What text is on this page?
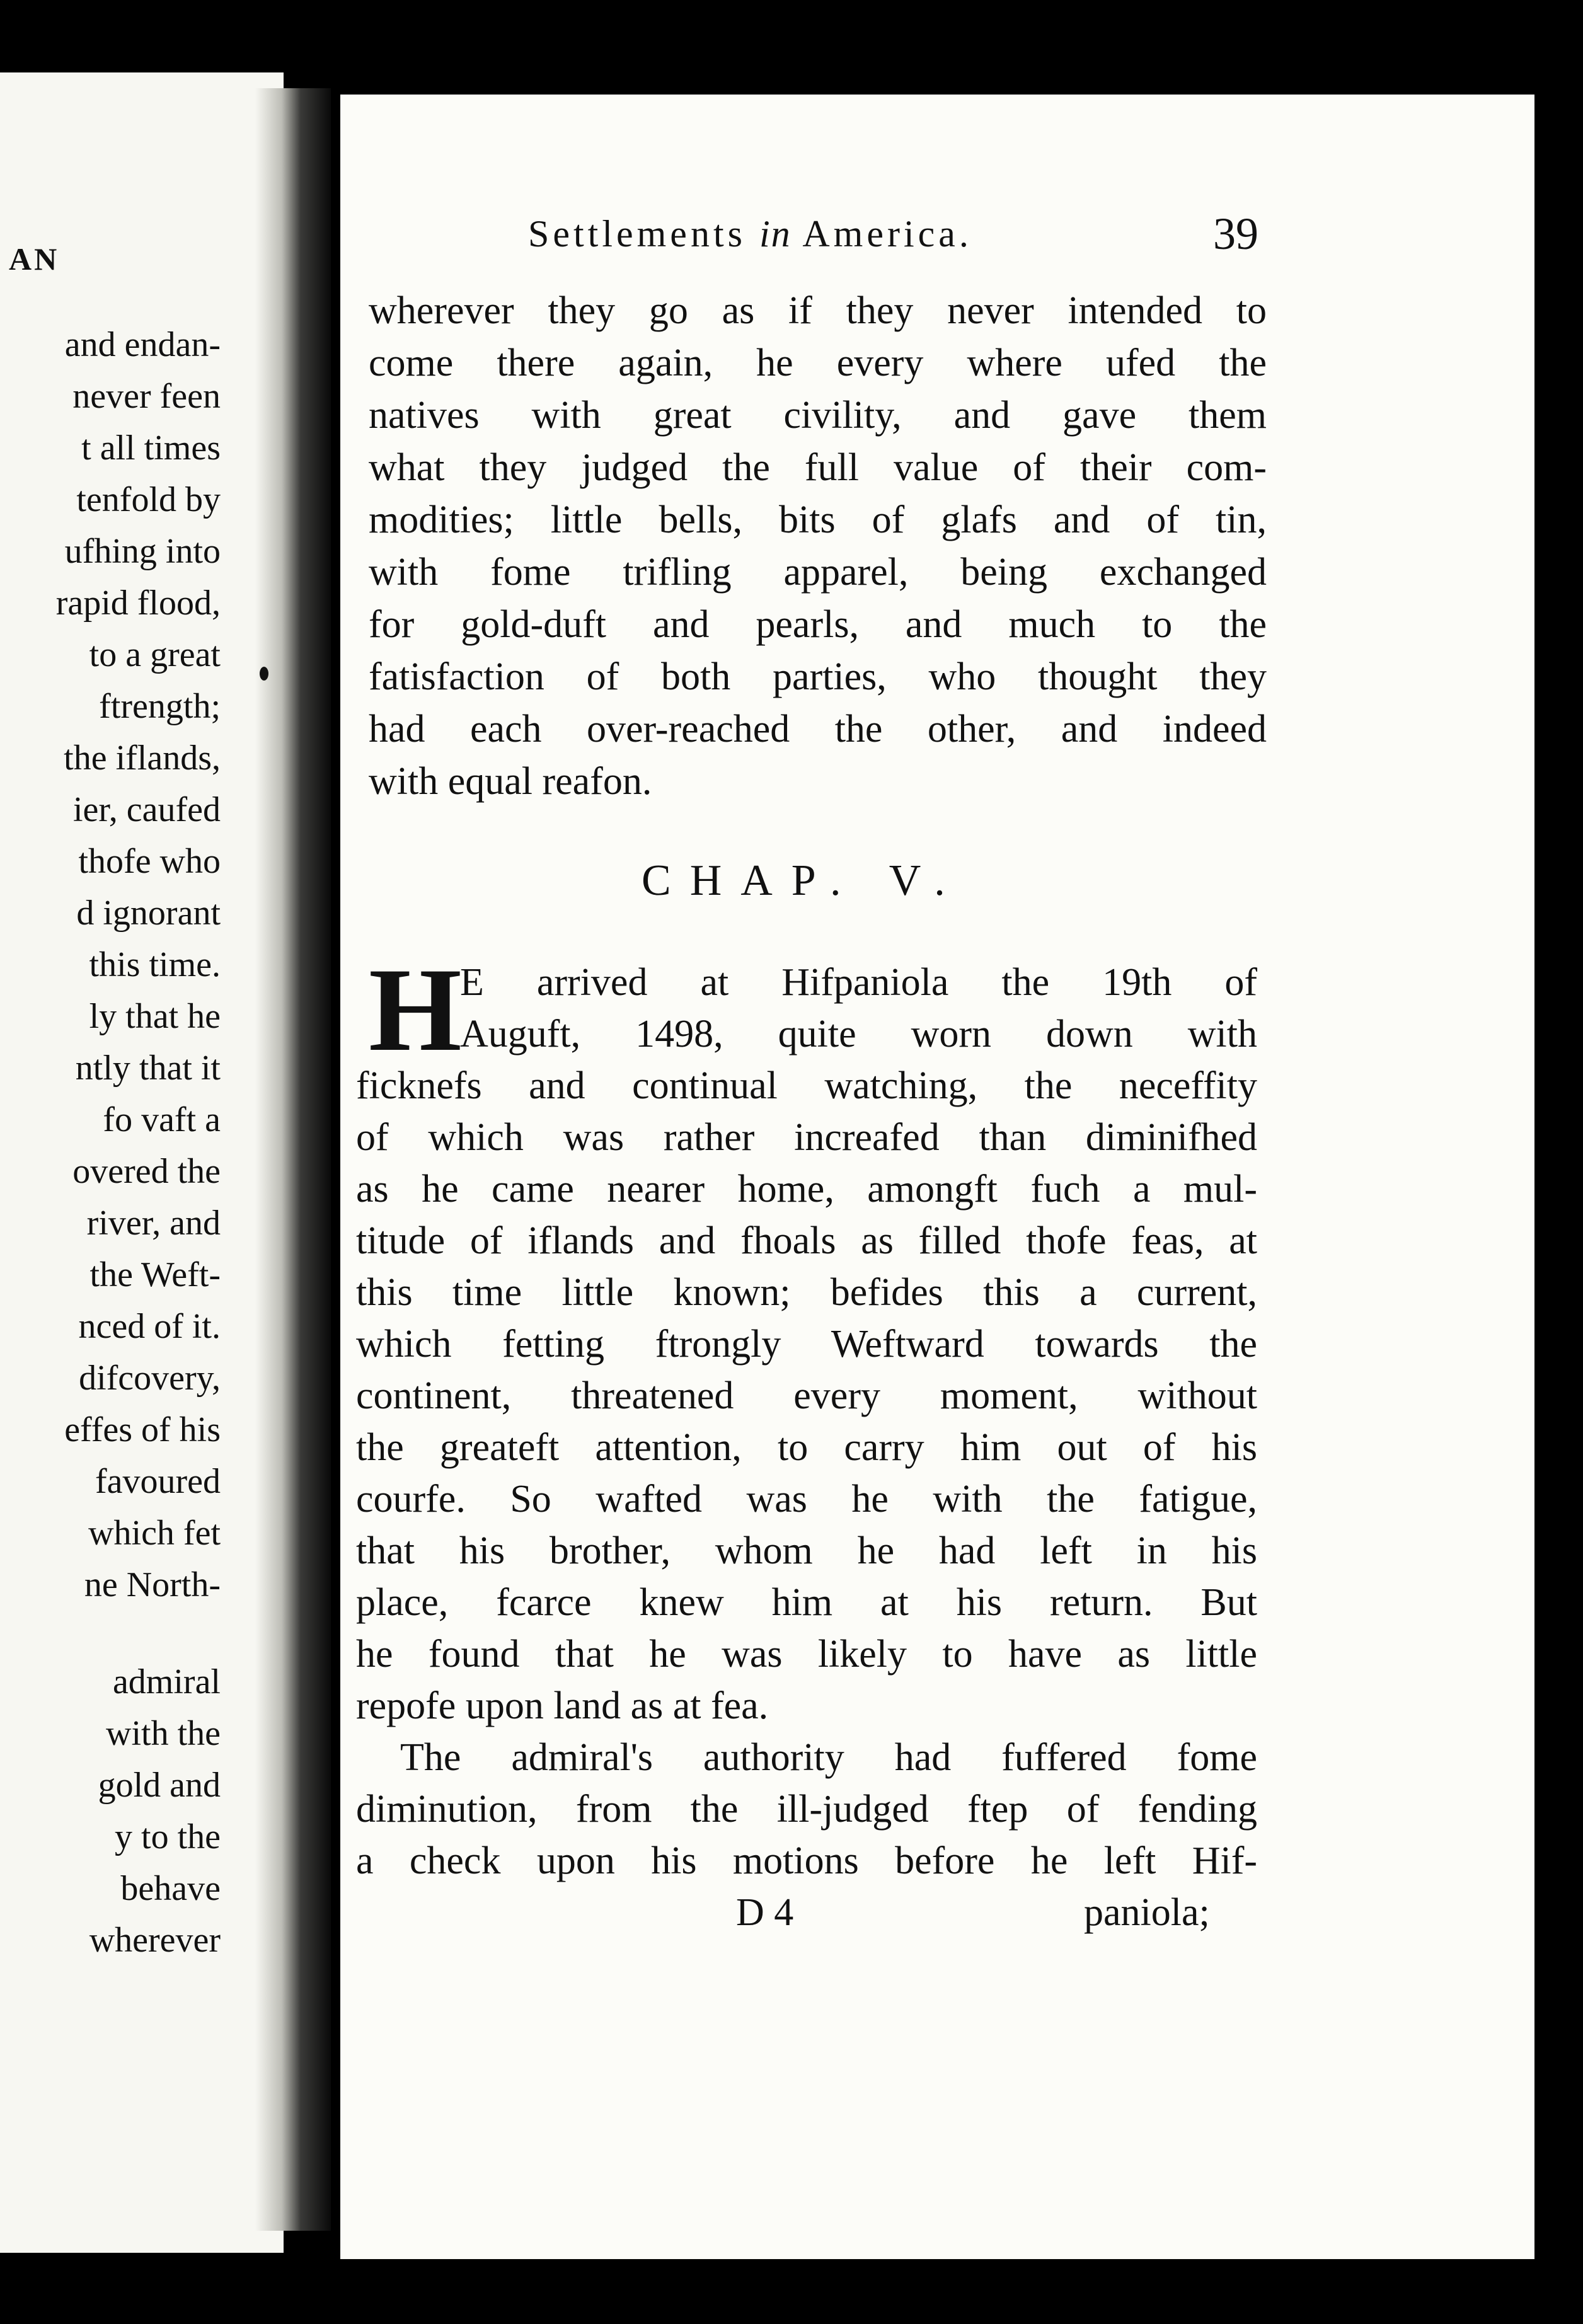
AN
and endan-
never feen
t all times
tenfold by
ufhing into
rapid flood,
to a great
ftrength;
the iflands,
ier, caufed
thofe who
d ignorant
this time.
ly that he
ntly that it
fo vaft a
overed the
river, and
the Weft-
nced of it.
difcovery,
effes of his
favoured
which fet
ne North-
admiral
with the
gold and
y to the
behave
wherever
Settlements in America.	39
wherever they go as if they never intended to
come there again, he every where ufed the
natives with great civility, and gave them
what they judged the full value of their com-
modities; little bells, bits of glafs and of tin,
with fome trifling apparel, being exchanged
for gold-duft and pearls, and much to the
fatisfaction of both parties, who thought they
had each over-reached the other, and indeed
with equal reafon.
CHAP. V.
H
E arrived at Hifpaniola the 19th of
Auguft, 1498, quite worn down with
ficknefs and continual watching, the neceffity
of which was rather increafed than diminifhed
as he came nearer home, amongft fuch a mul-
titude of iflands and fhoals as filled thofe feas, at
this time little known; befides this a current,
which fetting ftrongly Weftward towards the
continent, threatened every moment, without
the greateft attention, to carry him out of his
courfe. So wafted was he with the fatigue,
that his brother, whom he had left in his
place, fcarce knew him at his return. But
he found that he was likely to have as little
repofe upon land as at fea.
The admiral's authority had fuffered fome
diminution, from the ill-judged ftep of fending
a check upon his motions before he left Hif-
D 4	paniola;
